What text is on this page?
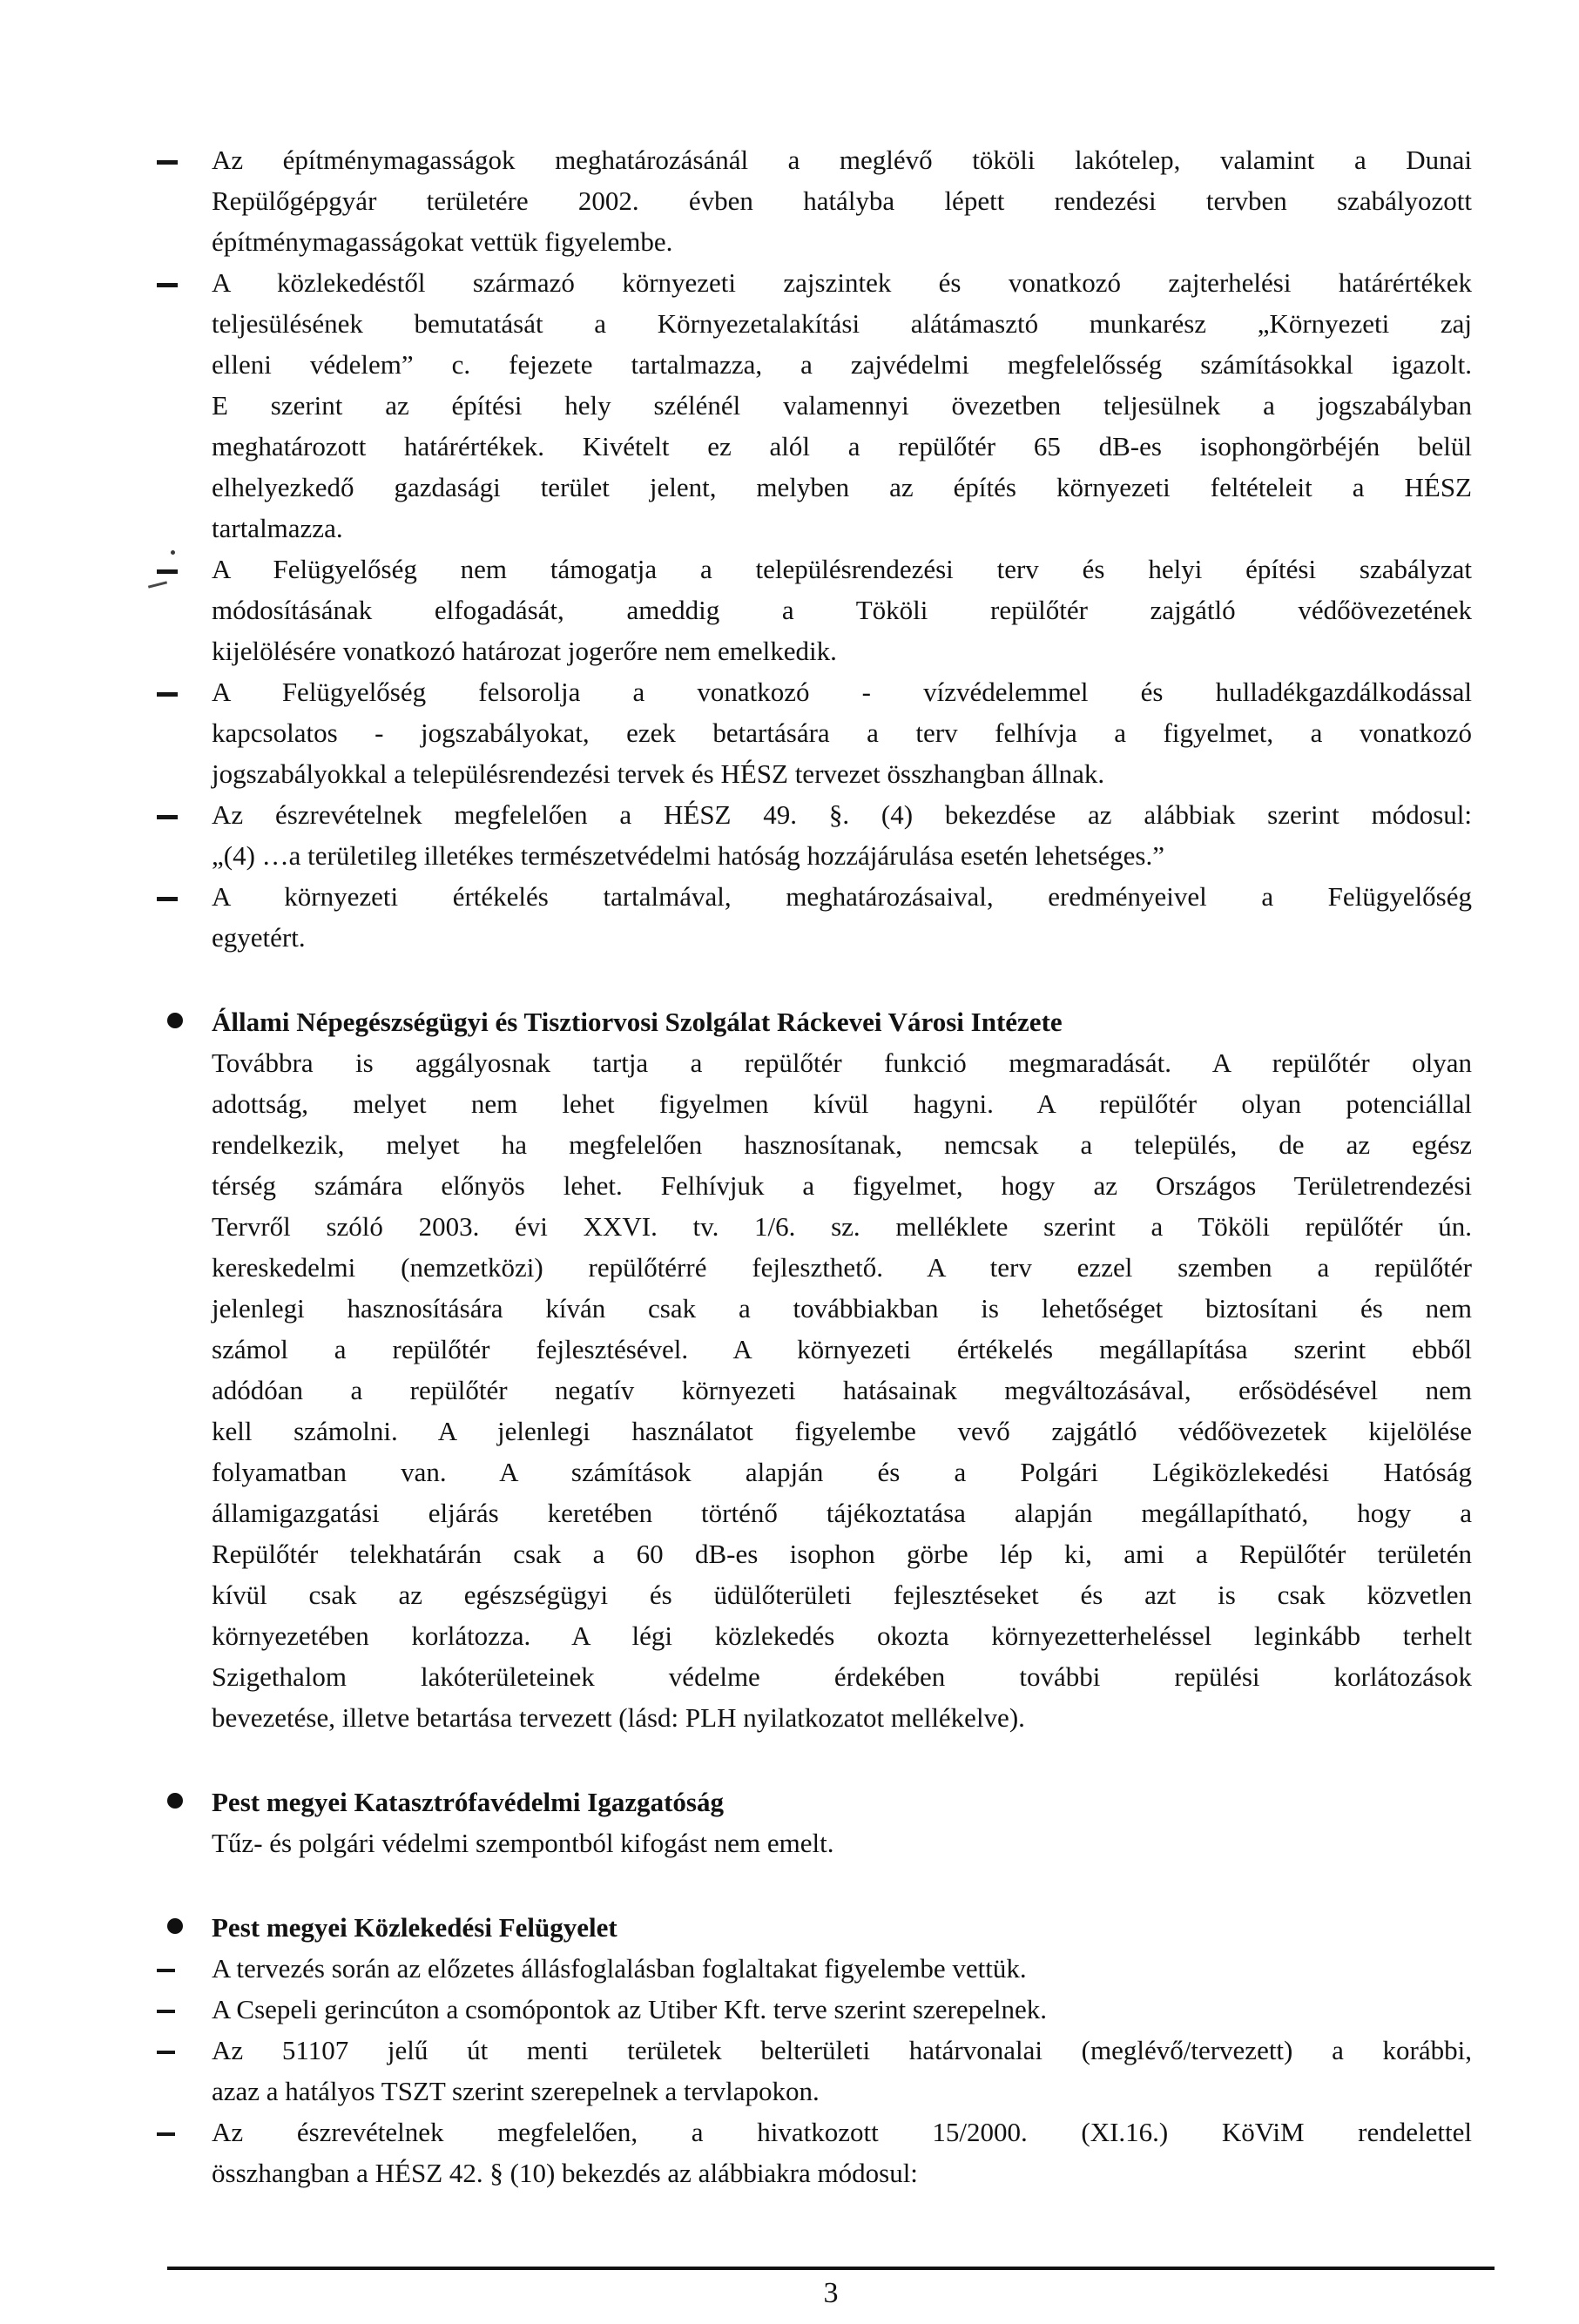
Az építménymagasságok meghatározásánál a meglévő tököli lakótelep, valamint a Dunai
Repülőgépgyár területére 2002. évben hatályba lépett rendezési tervben szabályozott
építménymagasságokat vettük figyelembe.
A közlekedéstől származó környezeti zajszintek és vonatkozó zajterhelési határértékek
teljesülésének bemutatását a Környezetalakítási alátámasztó munkarész „Környezeti zaj
elleni védelem” c. fejezete tartalmazza, a zajvédelmi megfelelősség számításokkal igazolt.
E szerint az építési hely szélénél valamennyi övezetben teljesülnek a jogszabályban
meghatározott határértékek. Kivételt ez alól a repülőtér 65 dB-es isophongörbéjén belül
elhelyezkedő gazdasági terület jelent, melyben az építés környezeti feltételeit a HÉSZ
tartalmazza.
A Felügyelőség nem támogatja a településrendezési terv és helyi építési szabályzat
módosításának elfogadását, ameddig a Tököli repülőtér zajgátló védőövezetének
kijelölésére vonatkozó határozat jogerőre nem emelkedik.
A Felügyelőség felsorolja a vonatkozó - vízvédelemmel és hulladékgazdálkodással
kapcsolatos - jogszabályokat, ezek betartására a terv felhívja a figyelmet, a vonatkozó
jogszabályokkal a településrendezési tervek és HÉSZ tervezet összhangban állnak.
Az észrevételnek megfelelően a HÉSZ 49. §. (4) bekezdése az alábbiak szerint módosul:
„(4) …a területileg illetékes természetvédelmi hatóság hozzájárulása esetén lehetséges.”
A környezeti értékelés tartalmával, meghatározásaival, eredményeivel a Felügyelőség
egyetért.
Állami Népegészségügyi és Tisztiorvosi Szolgálat Ráckevei Városi Intézete
Továbbra is aggályosnak tartja a repülőtér funkció megmaradását. A repülőtér olyan
adottság, melyet nem lehet figyelmen kívül hagyni. A repülőtér olyan potenciállal
rendelkezik, melyet ha megfelelően hasznosítanak, nemcsak a település, de az egész
térség számára előnyös lehet. Felhívjuk a figyelmet, hogy az Országos Területrendezési
Tervről szóló 2003. évi XXVI. tv. 1/6. sz. melléklete szerint a Tököli repülőtér ún.
kereskedelmi (nemzetközi) repülőtérré fejleszthető. A terv ezzel szemben a repülőtér
jelenlegi hasznosítására kíván csak a továbbiakban is lehetőséget biztosítani és nem
számol a repülőtér fejlesztésével. A környezeti értékelés megállapítása szerint ebből
adódóan a repülőtér negatív környezeti hatásainak megváltozásával, erősödésével nem
kell számolni. A jelenlegi használatot figyelembe vevő zajgátló védőövezetek kijelölése
folyamatban van. A számítások alapján és a Polgári Légiközlekedési Hatóság
államigazgatási eljárás keretében történő tájékoztatása alapján megállapítható, hogy a
Repülőtér telekhatárán csak a 60 dB-es isophon görbe lép ki, ami a Repülőtér területén
kívül csak az egészségügyi és üdülőterületi fejlesztéseket és azt is csak közvetlen
környezetében korlátozza. A légi közlekedés okozta környezetterheléssel leginkább terhelt
Szigethalom lakóterületeinek védelme érdekében további repülési korlátozások
bevezetése, illetve betartása tervezett (lásd: PLH nyilatkozatot mellékelve).
Pest megyei Katasztrófavédelmi Igazgatóság
Tűz- és polgári védelmi szempontból kifogást nem emelt.
Pest megyei Közlekedési Felügyelet
A tervezés során az előzetes állásfoglalásban foglaltakat figyelembe vettük.
A Csepeli gerincúton a csomópontok az Utiber Kft. terve szerint szerepelnek.
Az 51107 jelű út menti területek belterületi határvonalai (meglévő/tervezett) a korábbi,
azaz a hatályos TSZT szerint szerepelnek a tervlapokon.
Az észrevételnek megfelelően, a hivatkozott 15/2000. (XI.16.) KöViM rendelettel
összhangban a HÉSZ 42. § (10) bekezdés az alábbiakra módosul:
3
